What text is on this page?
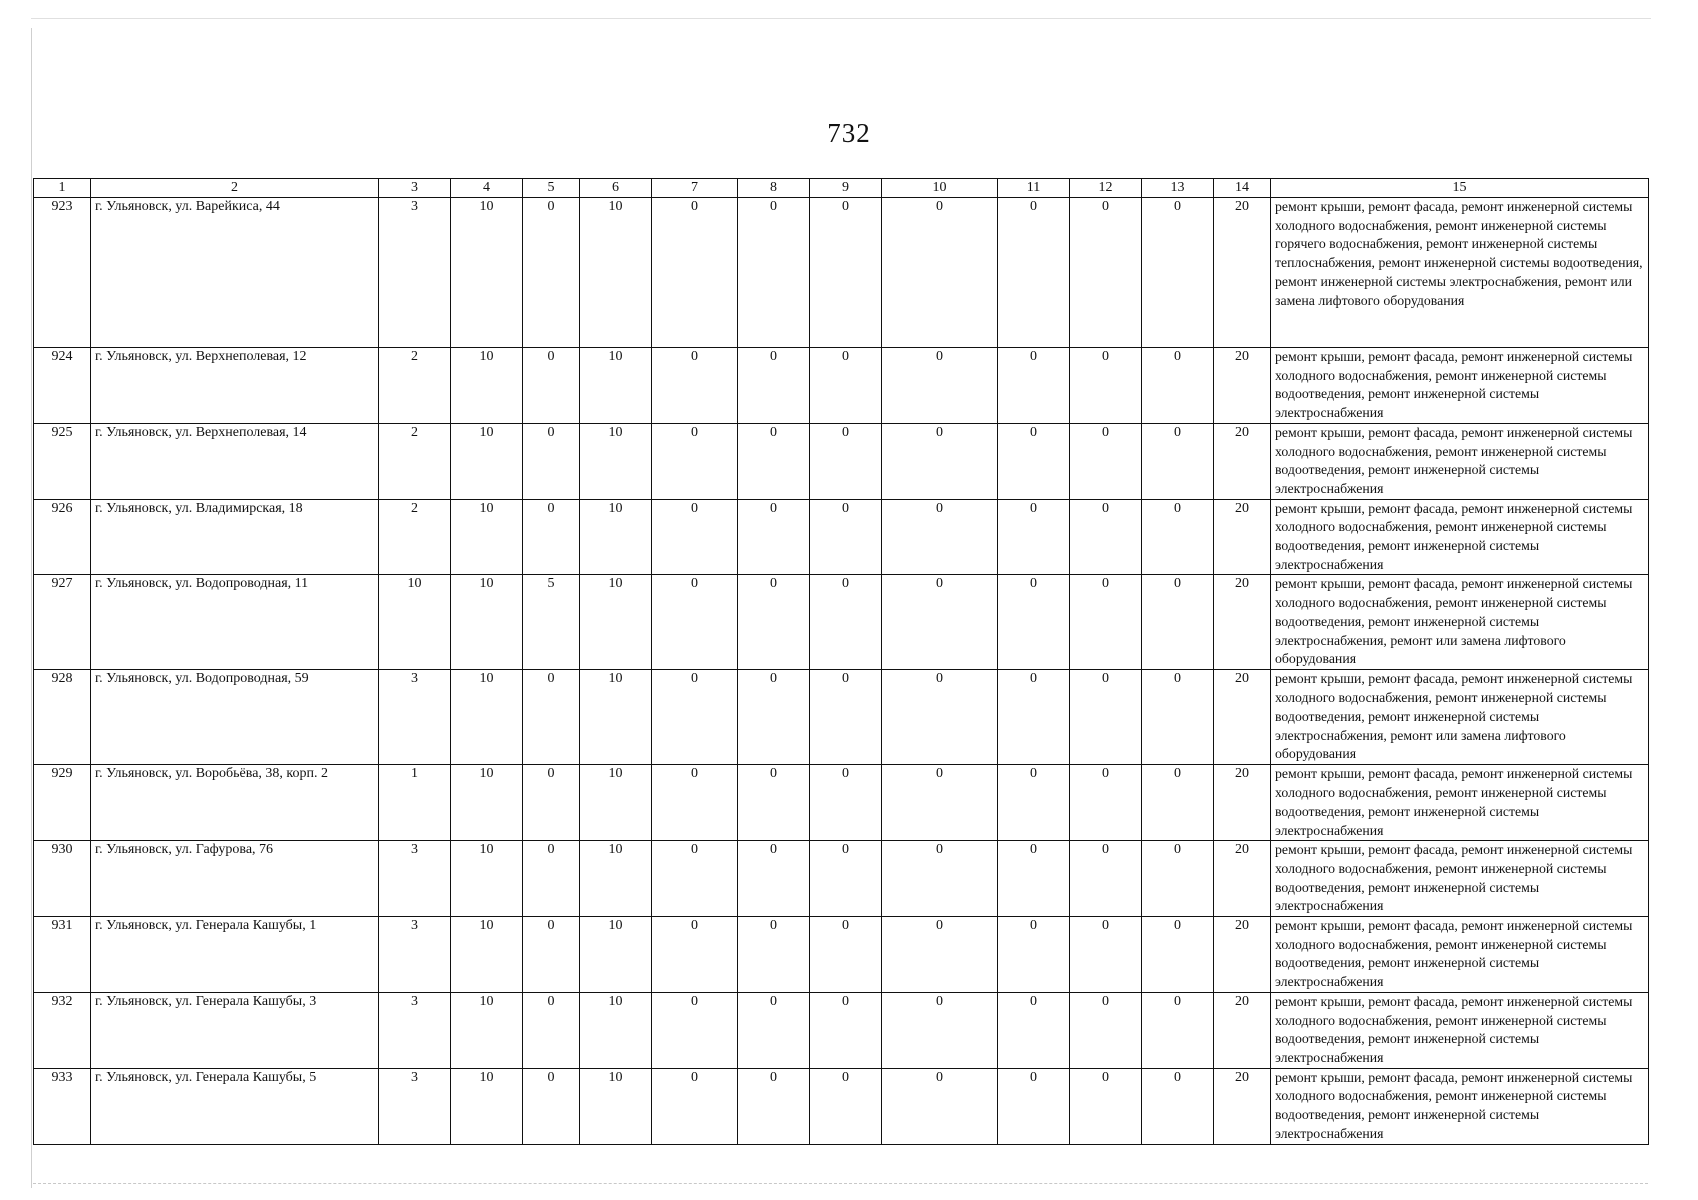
732
1	2	3	4	5	6	7	8	9	10	11	12	13	14	15
923	г. Ульяновск, ул. Варейкиса, 44	3	10	0	10	0	0	0	0	0	0	0	20	ремонт крыши, ремонт фасада, ремонт инженерной системы холодного водоснабжения, ремонт инженерной системы горячего водоснабжения, ремонт инженерной системы теплоснабжения, ремонт инженерной системы водоотведения, ремонт инженерной системы электроснабжения, ремонт или замена лифтового оборудования
924	г. Ульяновск, ул. Верхнеполевая, 12	2	10	0	10	0	0	0	0	0	0	0	20	ремонт крыши, ремонт фасада, ремонт инженерной системы холодного водоснабжения, ремонт инженерной системы водоотведения, ремонт инженерной системы электроснабжения
925	г. Ульяновск, ул. Верхнеполевая, 14	2	10	0	10	0	0	0	0	0	0	0	20	ремонт крыши, ремонт фасада, ремонт инженерной системы холодного водоснабжения, ремонт инженерной системы водоотведения, ремонт инженерной системы электроснабжения
926	г. Ульяновск, ул. Владимирская, 18	2	10	0	10	0	0	0	0	0	0	0	20	ремонт крыши, ремонт фасада, ремонт инженерной системы холодного водоснабжения, ремонт инженерной системы водоотведения, ремонт инженерной системы электроснабжения
927	г. Ульяновск, ул. Водопроводная, 11	10	10	5	10	0	0	0	0	0	0	0	20	ремонт крыши, ремонт фасада, ремонт инженерной системы холодного водоснабжения, ремонт инженерной системы водоотведения, ремонт инженерной системы электроснабжения, ремонт или замена лифтового оборудования
928	г. Ульяновск, ул. Водопроводная, 59	3	10	0	10	0	0	0	0	0	0	0	20	ремонт крыши, ремонт фасада, ремонт инженерной системы холодного водоснабжения, ремонт инженерной системы водоотведения, ремонт инженерной системы электроснабжения, ремонт или замена лифтового оборудования
929	г. Ульяновск, ул. Воробьёва, 38, корп. 2	1	10	0	10	0	0	0	0	0	0	0	20	ремонт крыши, ремонт фасада, ремонт инженерной системы холодного водоснабжения, ремонт инженерной системы водоотведения, ремонт инженерной системы электроснабжения
930	г. Ульяновск, ул. Гафурова, 76	3	10	0	10	0	0	0	0	0	0	0	20	ремонт крыши, ремонт фасада, ремонт инженерной системы холодного водоснабжения, ремонт инженерной системы водоотведения, ремонт инженерной системы электроснабжения
931	г. Ульяновск, ул. Генерала Кашубы, 1	3	10	0	10	0	0	0	0	0	0	0	20	ремонт крыши, ремонт фасада, ремонт инженерной системы холодного водоснабжения, ремонт инженерной системы водоотведения, ремонт инженерной системы электроснабжения
932	г. Ульяновск, ул. Генерала Кашубы, 3	3	10	0	10	0	0	0	0	0	0	0	20	ремонт крыши, ремонт фасада, ремонт инженерной системы холодного водоснабжения, ремонт инженерной системы водоотведения, ремонт инженерной системы электроснабжения
933	г. Ульяновск, ул. Генерала Кашубы, 5	3	10	0	10	0	0	0	0	0	0	0	20	ремонт крыши, ремонт фасада, ремонт инженерной системы холодного водоснабжения, ремонт инженерной системы водоотведения, ремонт инженерной системы электроснабжения
